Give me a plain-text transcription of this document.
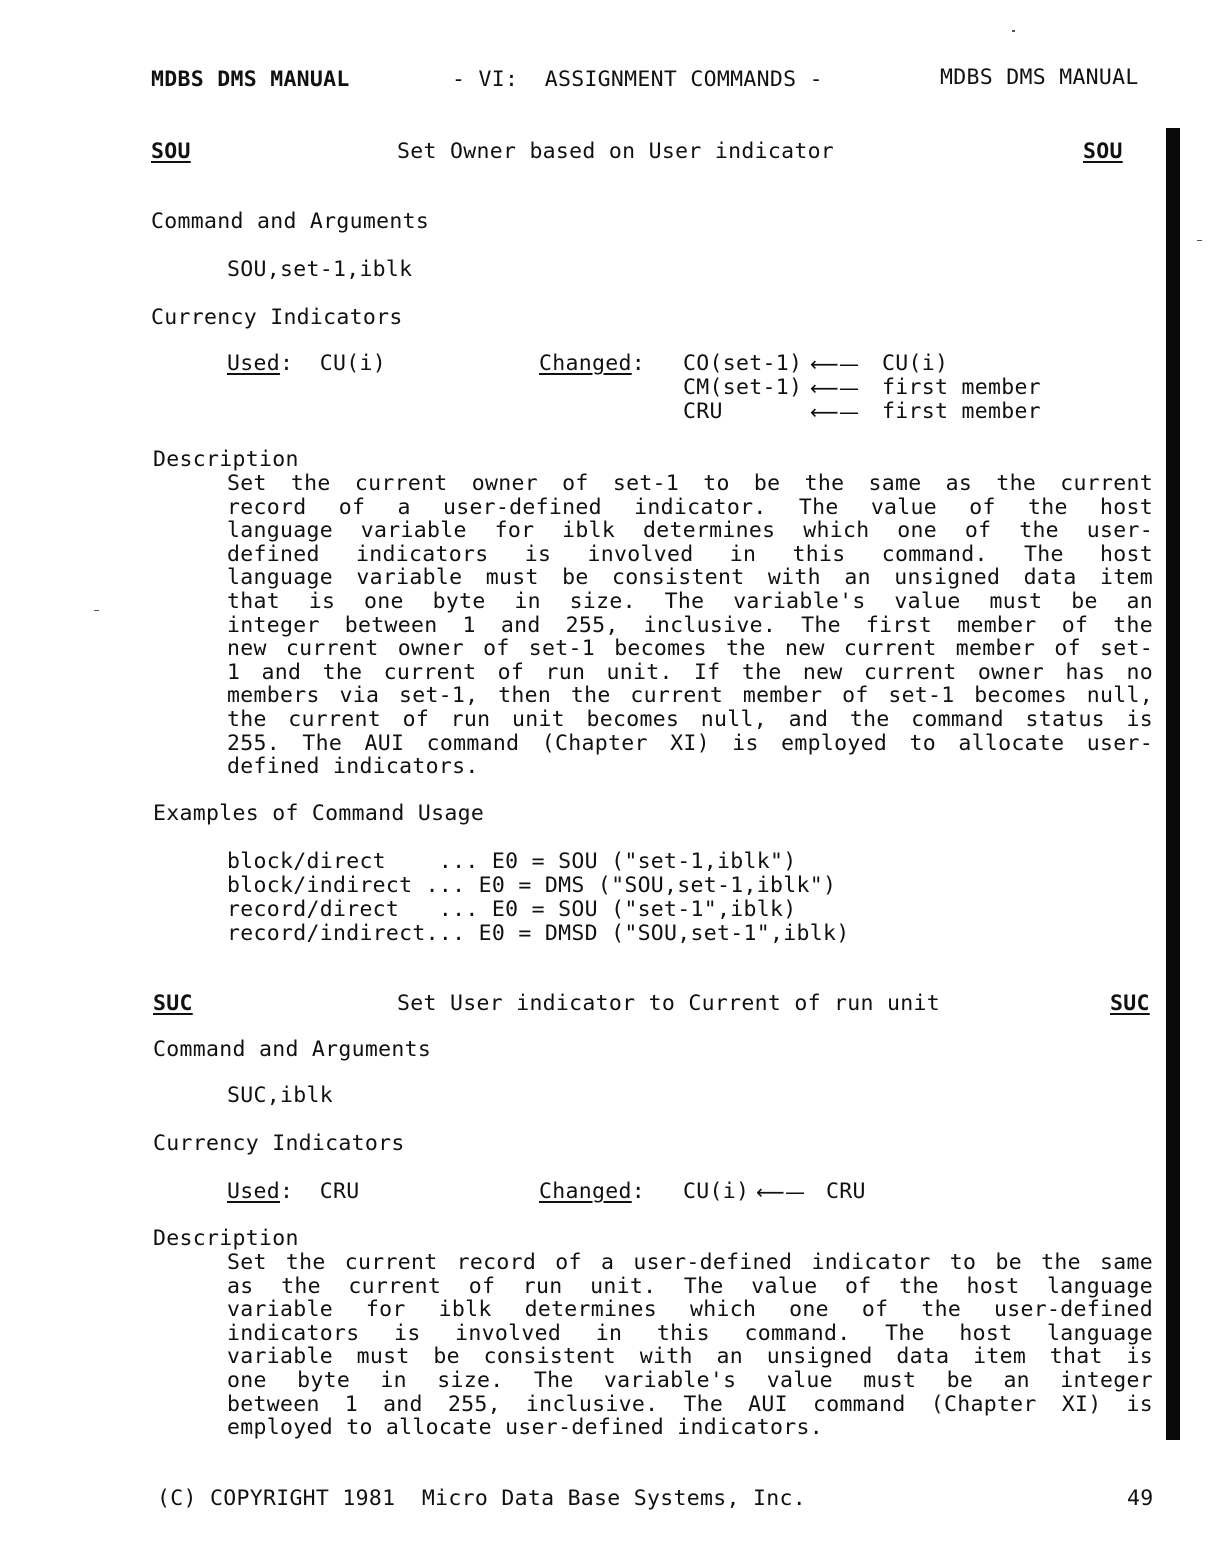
MDBS DMS MANUAL	- VI:  ASSIGNMENT COMMANDS -	MDBS DMS MANUAL
SOU	Set Owner based on User indicator	SOU
Command and Arguments
SOU,set-1,iblk
Currency Indicators
Used:  CU(i)	Changed: CO(set-1) ⟵— CU(i)
CM(set-1) ⟵— first member
CRU	⟵— first member
Description
Set the current owner of set-1 to be the same as the current
record of a user-defined indicator. The value of the host
language variable for iblk determines which one of the user-
defined indicators is involved in this command. The host
language variable must be consistent with an unsigned data item
that is one byte in size. The variable's value must be an
integer between 1 and 255, inclusive. The first member of the
new current owner of set-1 becomes the new current member of set-
1 and the current of run unit. If the new current owner has no
members via set-1, then the current member of set-1 becomes null,
the current of run unit becomes null, and the command status is
255. The AUI command (Chapter XI) is employed to allocate user-
defined indicators.
Examples of Command Usage
block/direct    ... E0 = SOU ("set-1,iblk")
block/indirect ... E0 = DMS ("SOU,set-1,iblk")
record/direct   ... E0 = SOU ("set-1",iblk)
record/indirect... E0 = DMSD ("SOU,set-1",iblk)
SUC	Set User indicator to Current of run unit	SUC
Command and Arguments
SUC,iblk
Currency Indicators
Used:  CRU	Changed: CU(i) ⟵— CRU
Description
Set the current record of a user-defined indicator to be the same
as the current of run unit. The value of the host language
variable for iblk determines which one of the user-defined
indicators is involved in this command. The host language
variable must be consistent with an unsigned data item that is
one byte in size. The variable's value must be an integer
between 1 and 255, inclusive. The AUI command (Chapter XI) is
employed to allocate user-defined indicators.
(C) COPYRIGHT 1981  Micro Data Base Systems, Inc.	49
